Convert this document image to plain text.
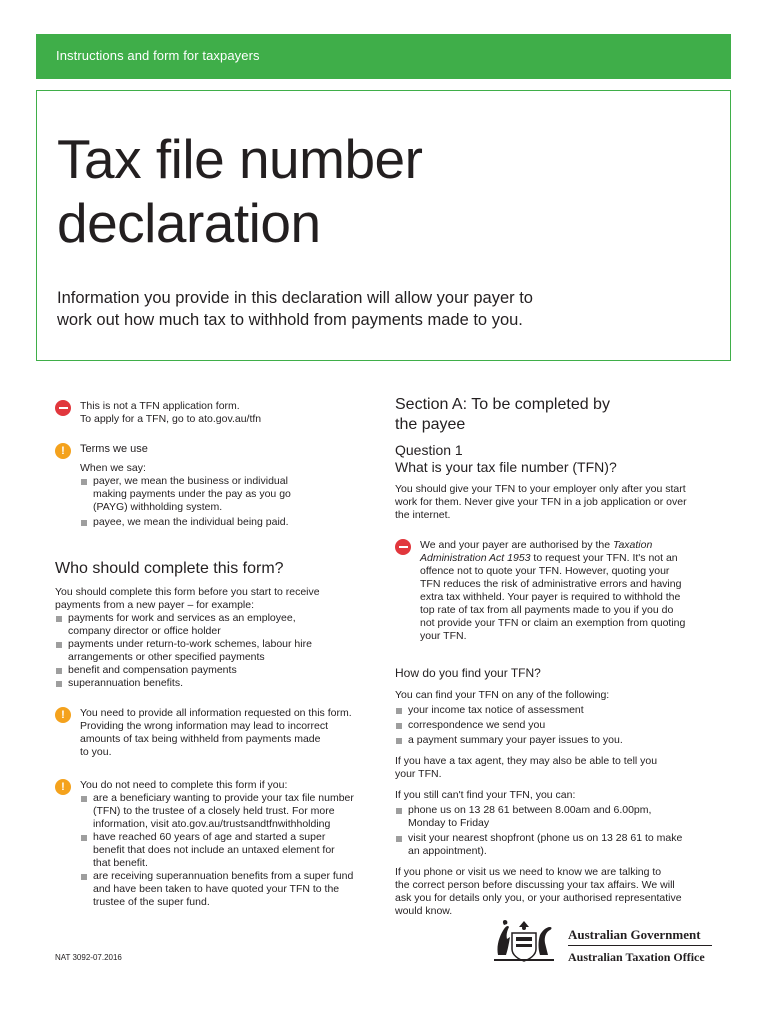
Instructions and form for taxpayers
Tax file number
declaration
Information you provide in this declaration will allow your payer to
work out how much tax to withhold from payments made to you.
This is not a TFN application form.
To apply for a TFN, go to ato.gov.au/tfn
!
Terms we use
When we say:
payer, we mean the business or individual
making payments under the pay as you go
(PAYG) withholding system.
payee, we mean the individual being paid.
Who should complete this form?
You should complete this form before you start to receive
payments from a new payer – for example:
payments for work and services as an employee,
company director or office holder
payments under return-to-work schemes, labour hire
arrangements or other specified payments
benefit and compensation payments
superannuation benefits.
!
You need to provide all information requested on this form.
Providing the wrong information may lead to incorrect
amounts of tax being withheld from payments made
to you.
!
You do not need to complete this form if you:
are a beneficiary wanting to provide your tax file number
(TFN) to the trustee of a closely held trust. For more
information, visit ato.gov.au/trustsandtfnwithholding
have reached 60 years of age and started a super
benefit that does not include an untaxed element for
that benefit.
are receiving superannuation benefits from a super fund
and have been taken to have quoted your TFN to the
trustee of the super fund.
Section A: To be completed by
the payee
Question 1
What is your tax file number (TFN)?
You should give your TFN to your employer only after you start
work for them. Never give your TFN in a job application or over
the internet.
We and your payer are authorised by the Taxation
Administration Act 1953 to request your TFN. It's not an
offence not to quote your TFN. However, quoting your
TFN reduces the risk of administrative errors and having
extra tax withheld. Your payer is required to withhold the
top rate of tax from all payments made to you if you do
not provide your TFN or claim an exemption from quoting
your TFN.
How do you find your TFN?
You can find your TFN on any of the following:
your income tax notice of assessment
correspondence we send you
a payment summary your payer issues to you.
If you have a tax agent, they may also be able to tell you
your TFN.
If you still can't find your TFN, you can:
phone us on 13 28 61 between 8.00am and 6.00pm,
Monday to Friday
visit your nearest shopfront (phone us on 13 28 61 to make
an appointment).
If you phone or visit us we need to know we are talking to
the correct person before discussing your tax affairs. We will
ask you for details only you, or your authorised representative
would know.
NAT 3092-07.2016
Australian Government
Australian Taxation Office
